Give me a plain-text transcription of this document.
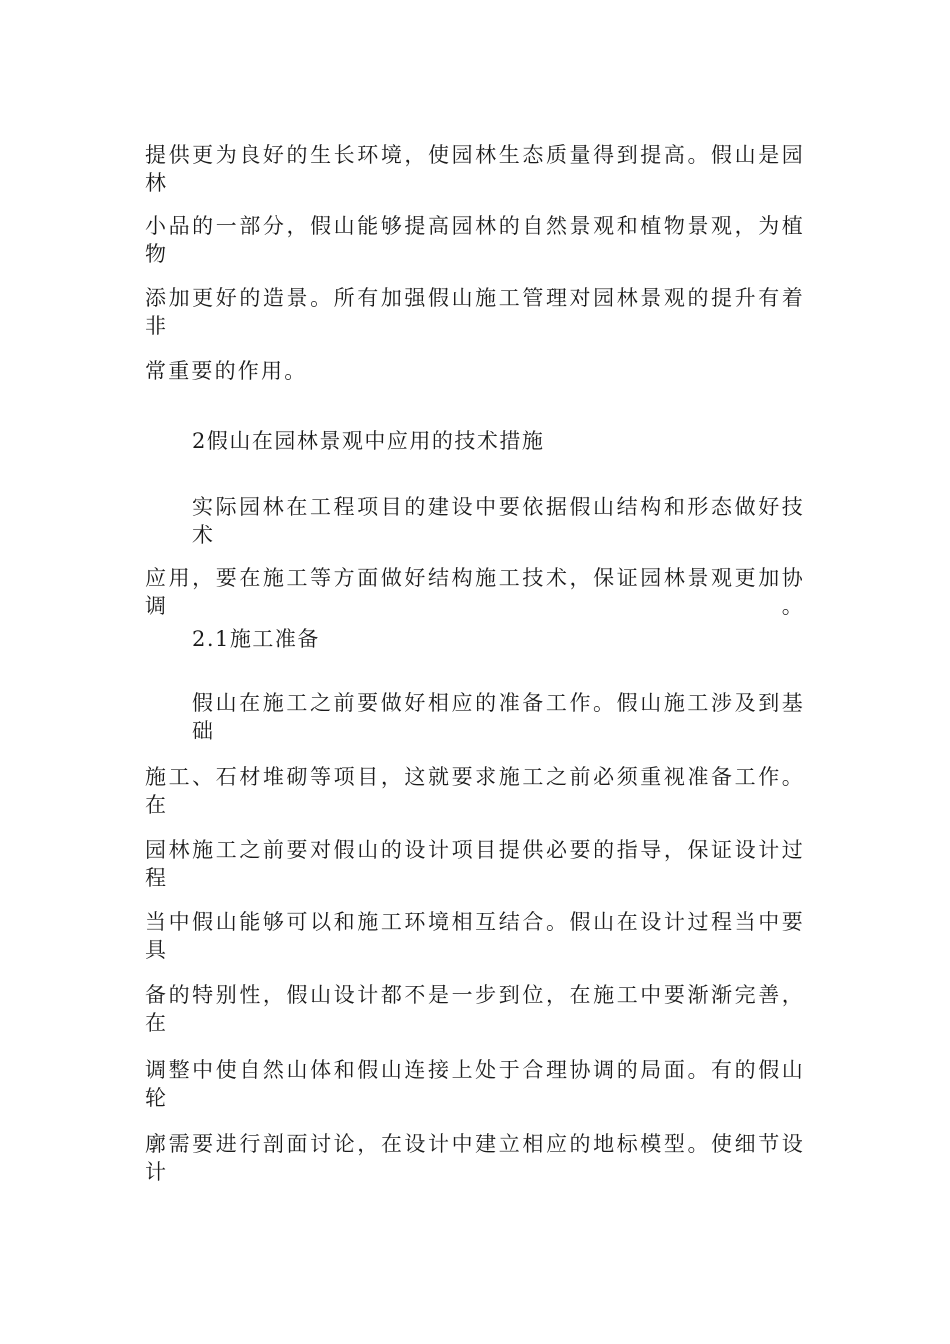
提供更为良好的生长环境，使园林生态质量得到提高。假山是园林
小品的一部分，假山能够提高园林的自然景观和植物景观，为植物
添加更好的造景。所有加强假山施工管理对园林景观的提升有着非
常重要的作用。
2假山在园林景观中应用的技术措施
实际园林在工程项目的建设中要依据假山结构和形态做好技术
应用，要在施工等方面做好结构施工技术，保证园林景观更加协调。
2.1施工准备
假山在施工之前要做好相应的准备工作。假山施工涉及到基础
施工、石材堆砌等项目，这就要求施工之前必须重视准备工作。在
园林施工之前要对假山的设计项目提供必要的指导，保证设计过程
当中假山能够可以和施工环境相互结合。假山在设计过程当中要具
备的特别性，假山设计都不是一步到位，在施工中要渐渐完善，在
调整中使自然山体和假山连接上处于合理协调的局面。有的假山轮
廓需要进行剖面讨论，在设计中建立相应的地标模型。使细节设计
